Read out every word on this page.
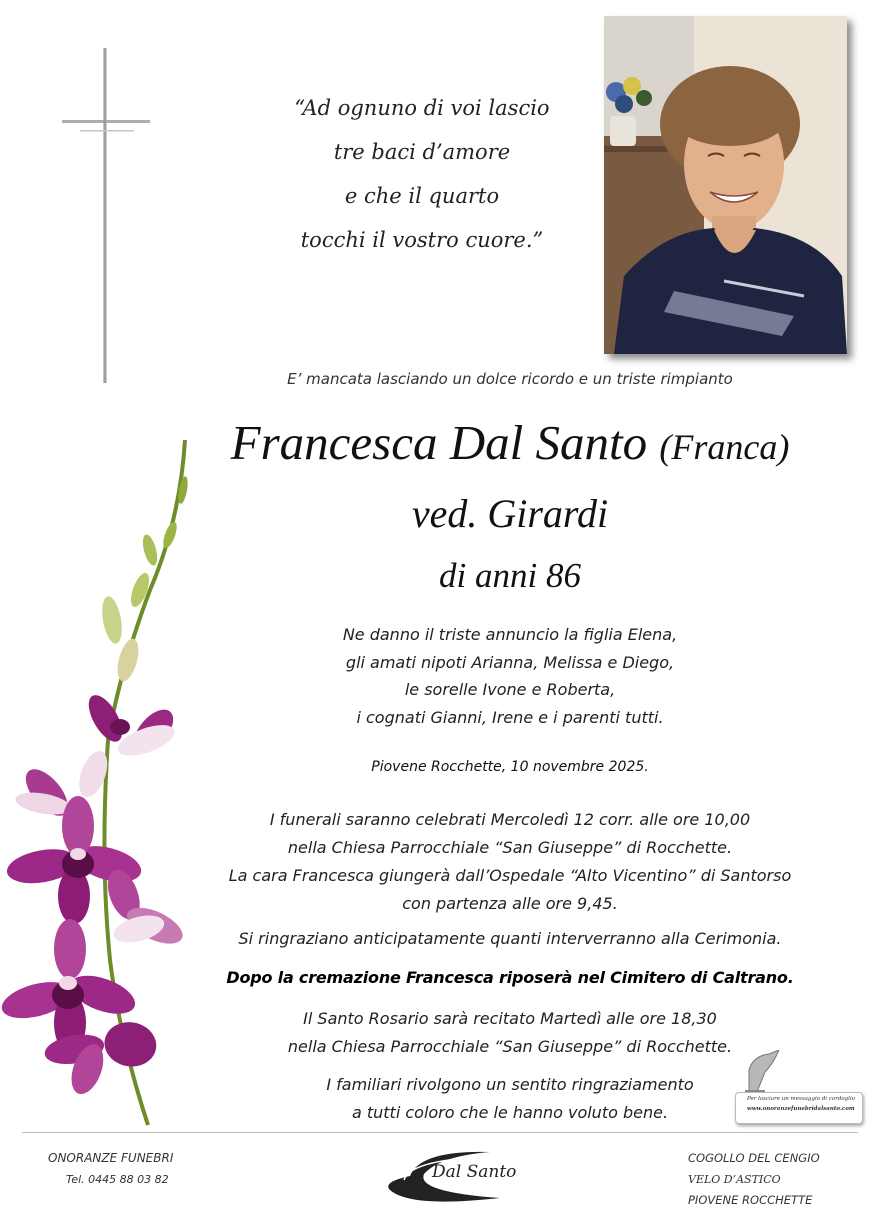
“Ad ognuno di voi lascio
tre baci d’amore
e che il quarto
tocchi il vostro cuore.”
E’ mancata lasciando un dolce ricordo e un triste rimpianto
Francesca Dal Santo (Franca)
ved. Girardi
di anni 86
Ne danno il triste annuncio la figlia Elena,
gli amati nipoti Arianna, Melissa e Diego,
le sorelle Ivone e Roberta,
i cognati Gianni, Irene e i parenti tutti.
Piovene Rocchette, 10 novembre 2025.
I funerali saranno celebrati Mercoledì 12 corr. alle ore 10,00
nella Chiesa Parrocchiale “San Giuseppe” di Rocchette.
La cara Francesca giungerà dall’Ospedale “Alto Vicentino” di Santorso
con partenza alle ore 9,45.
Si ringraziano anticipatamente quanti interverranno alla Cerimonia.
Dopo la cremazione Francesca riposerà nel Cimitero di Caltrano.
Il Santo Rosario sarà recitato Martedì alle ore 18,30
nella Chiesa Parrocchiale “San Giuseppe” di Rocchette.
I familiari rivolgono un sentito ringraziamento
a tutti coloro che le hanno voluto bene.
Per lasciare un messaggio di cordoglio
www.onoranzefunebridalsanto.com
ONORANZE FUNEBRI
Tel. 0445 88 03 82	Dal Santo
COGOLLO DEL CENGIO
VELO D’ASTICO
PIOVENE ROCCHETTE
